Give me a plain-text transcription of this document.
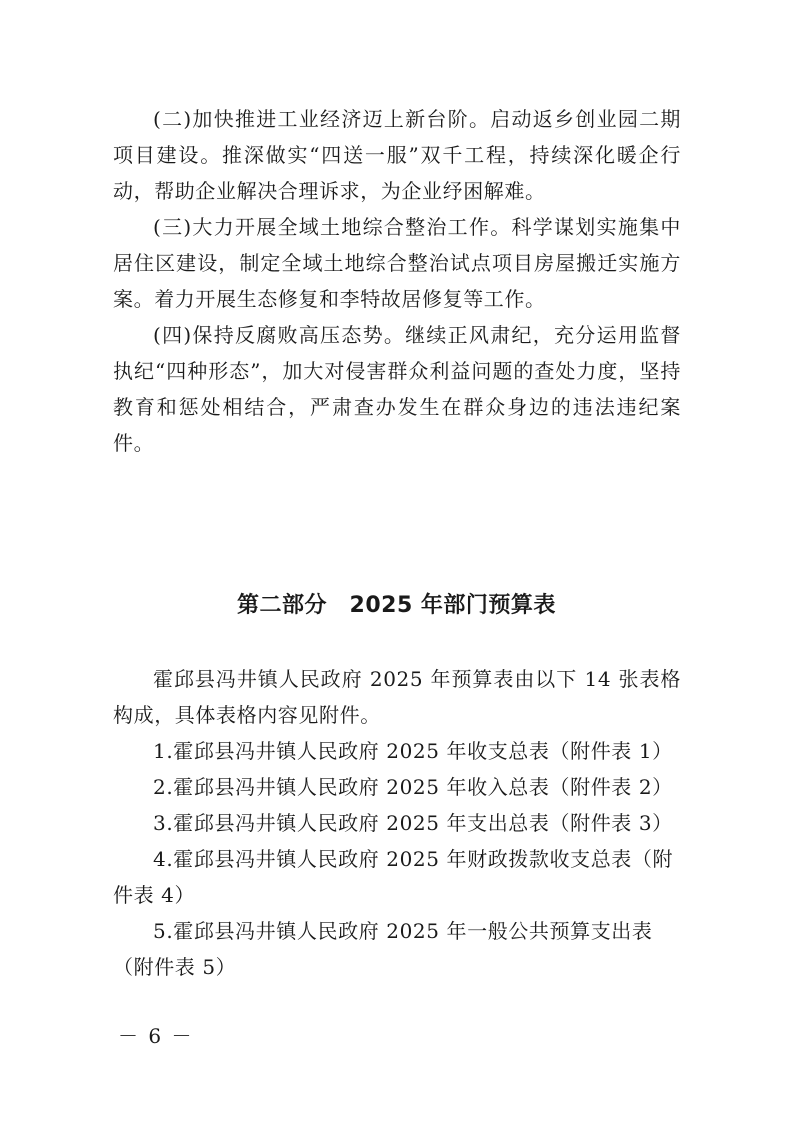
(二)加快推进工业经济迈上新台阶。启动返乡创业园二期项目建设。推深做实“四送一服”双千工程，持续深化暖企行动，帮助企业解决合理诉求，为企业纾困解难。

(三)大力开展全域土地综合整治工作。科学谋划实施集中居住区建设，制定全域土地综合整治试点项目房屋搬迁实施方案。着力开展生态修复和李特故居修复等工作。

(四)保持反腐败高压态势。继续正风肃纪，充分运用监督执纪“四种形态”，加大对侵害群众利益问题的查处力度，坚持教育和惩处相结合，严肃查办发生在群众身边的违法违纪案件。

第二部分　2025 年部门预算表

霍邱县冯井镇人民政府 2025 年预算表由以下 14 张表格构成，具体表格内容见附件。

1.霍邱县冯井镇人民政府 2025 年收支总表（附件表 1）

2.霍邱县冯井镇人民政府 2025 年收入总表（附件表 2）

3.霍邱县冯井镇人民政府 2025 年支出总表（附件表 3）

4.霍邱县冯井镇人民政府 2025 年财政拨款收支总表（附件表 4）

5.霍邱县冯井镇人民政府 2025 年一般公共预算支出表（附件表 5）

－ 6 －
